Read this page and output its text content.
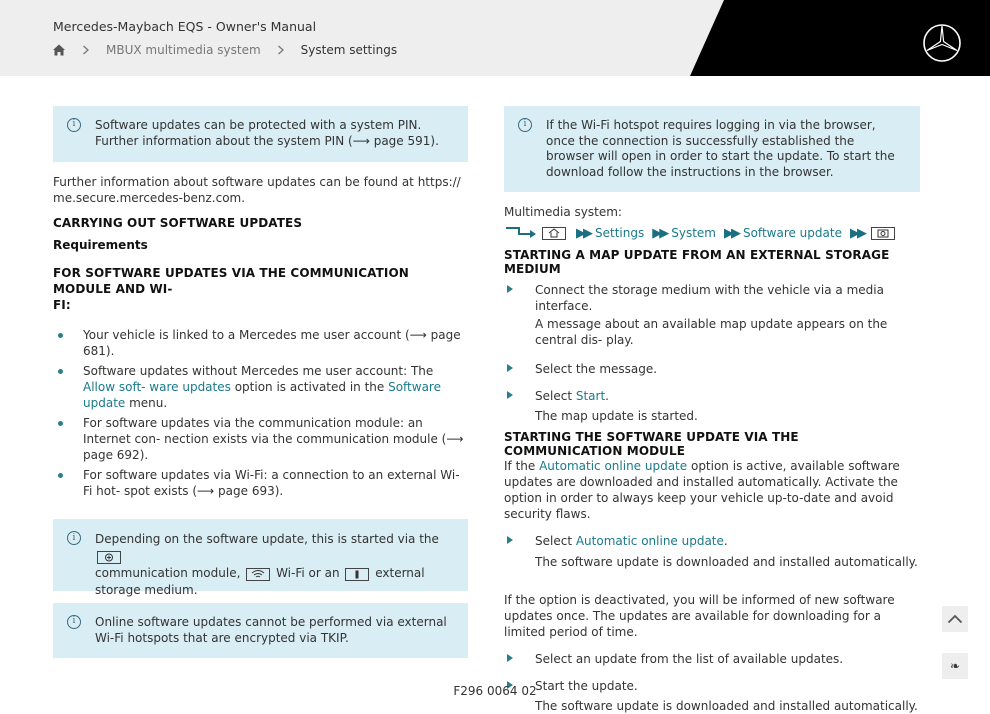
Mercedes-Maybach EQS - Owner's Manual
MBUX multimedia system	System settings
i	Software updates can be protected with a system PIN. Further information about the system PIN (⟶ page 591).

Further information about software updates can be found at https:// me.secure.mercedes-benz.com.

CARRYING OUT SOFTWARE UPDATES
Requirements
FOR SOFTWARE UPDATES VIA THE COMMUNICATION MODULE AND WI-
FI:
Your vehicle is linked to a Mercedes me user account (⟶ page 681).
Software updates without Mercedes me user account: The Allow soft- ware updates option is activated in the Software update menu.
For software updates via the communication module: an Internet con- nection exists via the communication module (⟶ page 692).
For software updates via Wi-Fi: a connection to an external Wi-Fi hot- spot exists (⟶ page 693).
i	Depending on the software update, this is started via the

communication module,	Wi-Fi or an	external storage medium.
i	Online software updates cannot be performed via external Wi-Fi hotspots that are encrypted via TKIP.
i	If the Wi-Fi hotspot requires logging in via the browser, once the connection is successfully established the browser will open in order to start the update. To start the download follow the instructions in the browser.

Multimedia system:

▶▶ Settings ▶▶ System ▶▶ Software update ▶▶
STARTING A MAP UPDATE FROM AN EXTERNAL STORAGE MEDIUM
Connect the storage medium with the vehicle via a media interface.
A message about an available map update appears on the central dis- play.
Select the message.
Select Start.
The map update is started.
STARTING THE SOFTWARE UPDATE VIA THE COMMUNICATION MODULE

If the Automatic online update option is active, available software updates are downloaded and installed automatically. Activate the option in order to always keep your vehicle up-to-date and avoid security flaws.

Select Automatic online update.
The software update is downloaded and installed automatically.

If the option is deactivated, you will be informed of new software updates once. The updates are available for downloading for a limited period of time.

Select an update from the list of available updates.
Start the update.
The software update is downloaded and installed automatically.
❧
F296 0064 02
